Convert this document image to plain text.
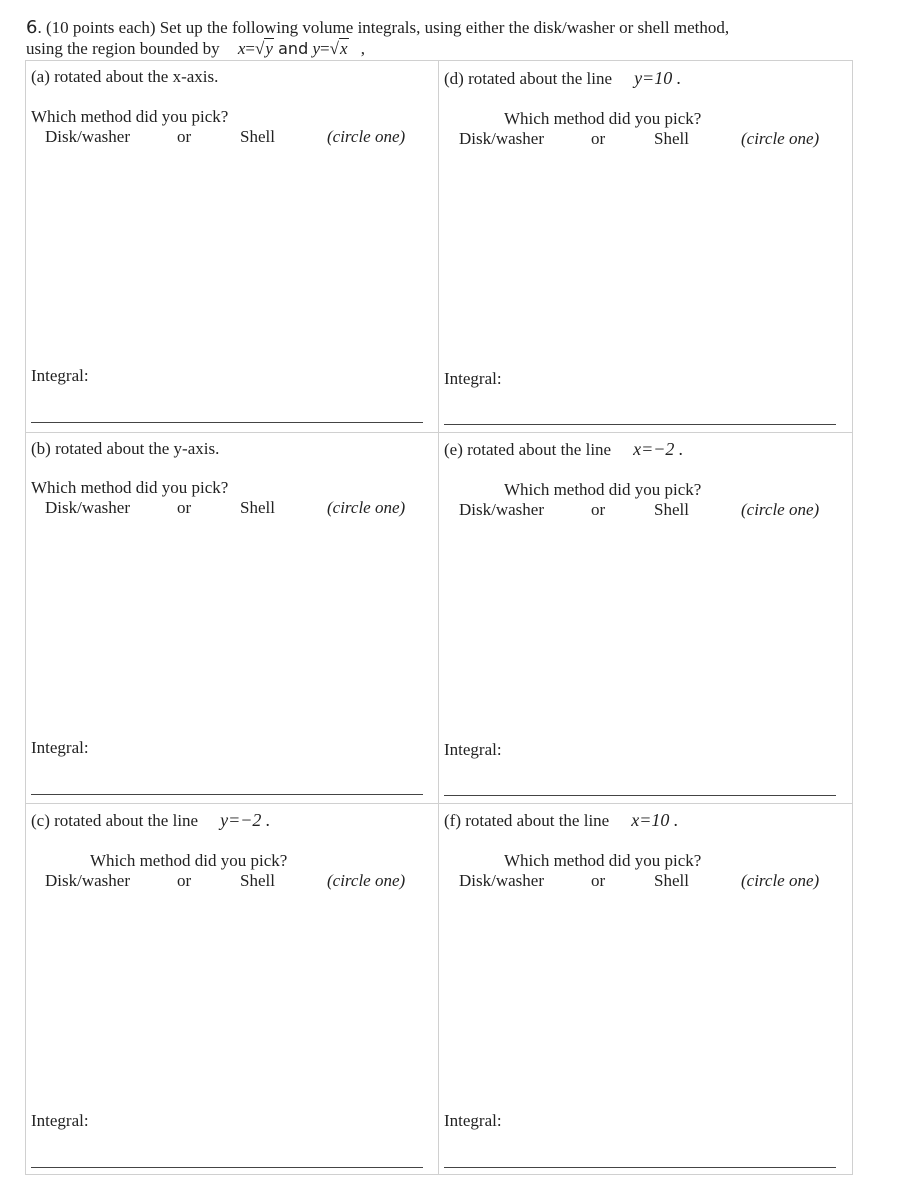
6. (10 points each) Set up the following volume integrals, using either the disk/washer or shell method,
using the region bounded by x=√y and y=√x ,
(a) rotated about the x-axis.
Which method did you pick?
Disk/washer	or	Shell	(circle one)
Integral:
(d) rotated about the line y=10 .
Which method did you pick?
Disk/washer	or	Shell	(circle one)
Integral:
(b) rotated about the y-axis.
Which method did you pick?
Disk/washer	or	Shell	(circle one)
Integral:
(e) rotated about the line x=−2 .
Which method did you pick?
Disk/washer	or	Shell	(circle one)
Integral:
(c) rotated about the line y=−2 .
Which method did you pick?
Disk/washer	or	Shell	(circle one)
Integral:
(f) rotated about the line x=10 .
Which method did you pick?
Disk/washer	or	Shell	(circle one)
Integral:
